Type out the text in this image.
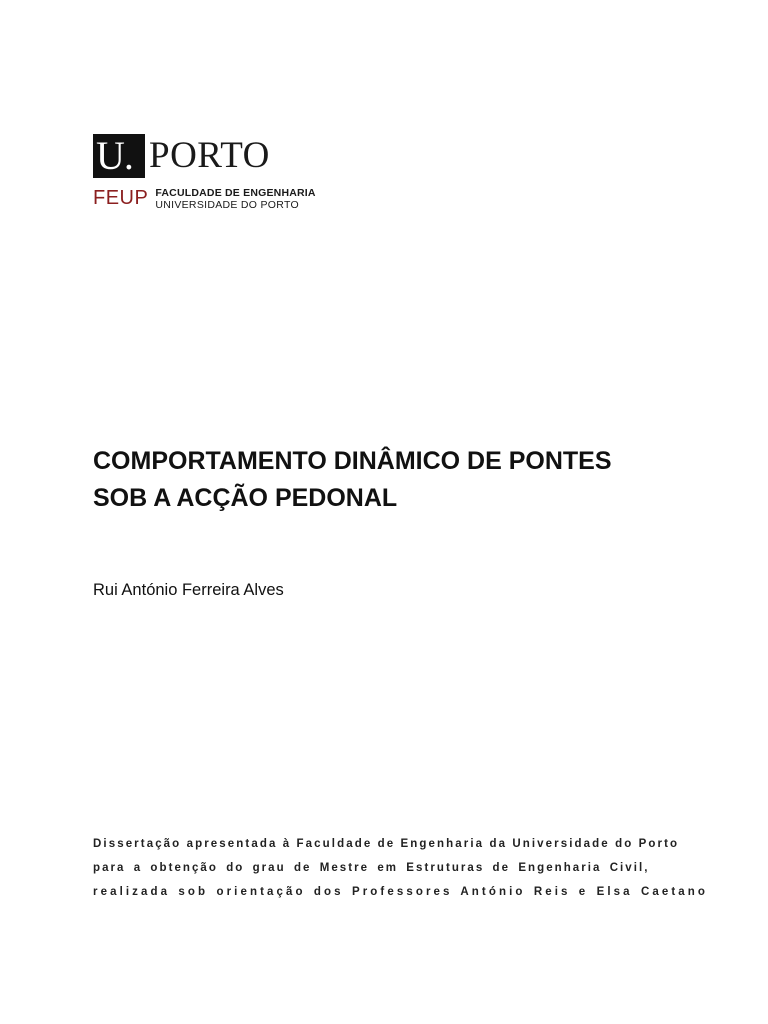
U. PORTO
FEUP FACULDADE DE ENGENHARIA
UNIVERSIDADE DO PORTO
COMPORTAMENTO DINÂMICO DE PONTES
SOB A ACÇÃO PEDONAL
Rui António Ferreira Alves
Dissertação apresentada à Faculdade de Engenharia da Universidade do Porto
para a obtenção do grau de Mestre em Estruturas de Engenharia Civil,
realizada sob orientação dos Professores António Reis e Elsa Caetano
